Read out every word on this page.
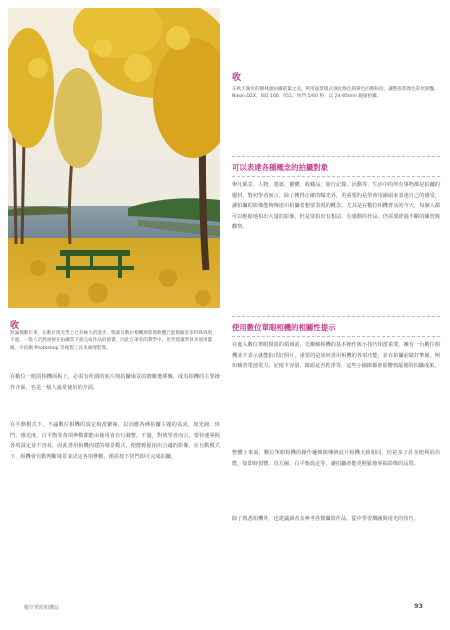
收
無論幾數年來，在數位與光學上已有極大的進步，獎部分數位相機與影像軟體已能模擬許多特殊效果。不過，一般人仍然重視在拍攝當下就完成作品的感覺，因此在筆者的教學中，也常建議學員多使用濫鏡、少依賴 Photoshop 等後製工具來處理影像。
在數位一眼的相機面板上，必需有所謂的底片與拍攝場景的總數選擇盤，成為相機的主要操作介面，也是一般人最常使用的介面。
在手動模式下，不論數位相機的設定相當繁複，以因應各種拍攝主題的需求，如光圈、快門、感光度、白平衡等各項參數都能由使用者自行調整。不過，對初學者而言，要快速掌握各項設定並不容易，因此善用相機內建的場景模式，便能輕鬆拍出合適的影像。在自動模式下，相機會自動判斷場景並決定各項參數，僅需按下快門即可完成拍攝。
收
在秋天湖岸的樹林邊拍攝黃葉之美，利用風景模式強化綠色與黃色的飽和度，讓整張影像色彩更鮮豔。Nikon D2X、ISO 100、f/11、快門 1/60 秒、以 24-85mm 鏡頭拍攝。
可以表達各種概念的拍攝對象
舉凡風景、人物、建築、靈體、收藏品、旅行記錄、活動等、生活中的所有事物都是拍攝的題材。對初學者而言，除了獲得正確的曝光外，更重要的是學會用銅頭來表達自己的感受，讓拍攝的影像能夠傳達出拍攝者想要表現的概念。尤其是在數位相機普及的今天，每個人都可以輕鬆地拍出大量的影像，但是要拍出有想法、有感動的作品，仍需要經過不斷的練習與觀察。
使用數位單眼相機的相關性提示
在進入數位單眼摄影的領域前，先瞭解相機的基本操作與小技巧相當重要。擁有一台數位相機並不表示就能拍出好照片，重要的是如何善用相機的各項功能，並在拍攝前做好準備，例如檢查電池電力、記憶卡容量、鏡頭是否乾淨等，這些小細節都會影響到最後的拍攝成果。
整體上來說，數位單眼相機的操作邏輯與傳統底片相機大致相同，但是多了許多便利的功能，如即時預覽、直方圖、白平衡設定等，讓拍攝者能更輕鬆地掌握影像的品質。
除了熟悉相機外，也建議讀者多參考各類攝影作品，從中學習構圖與用光的技巧。
數位單眼相機誌	93
